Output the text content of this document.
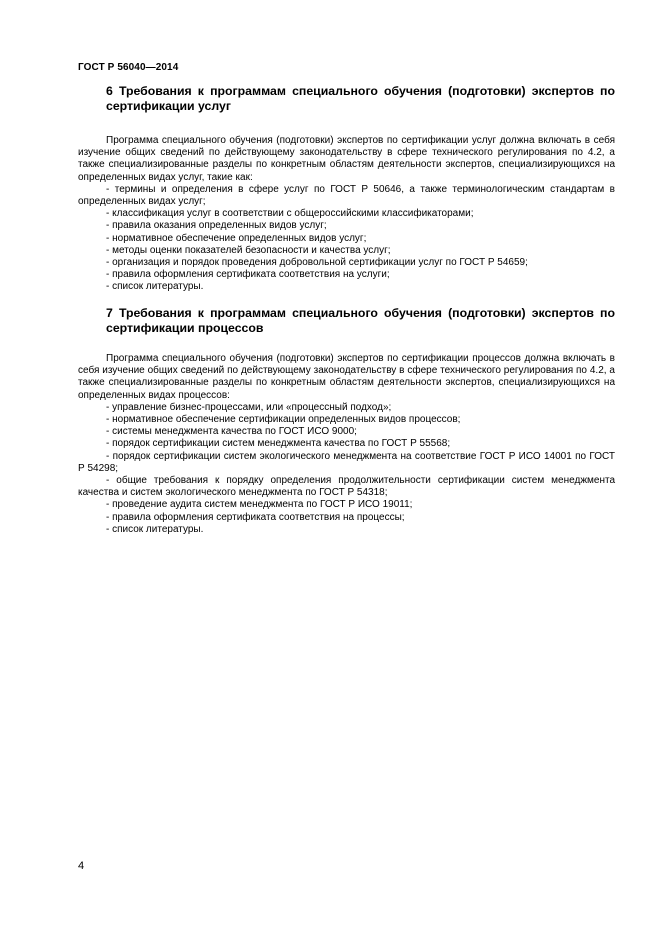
ГОСТ Р 56040—2014
6 Требования к программам специального обучения (подготовки) экспертов по сертификации услуг

Программа специального обучения (подготовки) экспертов по сертификации услуг должна включать в себя изучение общих сведений по действующему законодательству в сфере технического регулирования по 4.2, а также специализированные разделы по конкретным областям деятельности экспертов, специализирующихся на определенных видах услуг, такие как:

- термины и определения в сфере услуг по ГОСТ Р 50646, а также терминологическим стандартам в определенных видах услуг;
- классификация услуг в соответствии с общероссийскими классификаторами;
- правила оказания определенных видов услуг;
- нормативное обеспечение определенных видов услуг;
- методы оценки показателей безопасности и качества услуг;
- организация и порядок проведения добровольной сертификации услуг по ГОСТ Р 54659;
- правила оформления сертификата соответствия на услуги;
- список литературы.
7 Требования к программам специального обучения (подготовки) экспертов по сертификации процессов

Программа специального обучения (подготовки) экспертов по сертификации процессов должна включать в себя изучение общих сведений по действующему законодательству в сфере технического регулирования по 4.2, а также специализированные разделы по конкретным областям деятельности экспертов, специализирующихся на определенных видах процессов:

- управление бизнес-процессами, или «процессный подход»;
- нормативное обеспечение сертификации определенных видов процессов;
- системы менеджмента качества по ГОСТ ИСО 9000;
- порядок сертификации систем менеджмента качества по ГОСТ Р 55568;
- порядок сертификации систем экологического менеджмента на соответствие ГОСТ Р ИСО 14001 по ГОСТ Р 54298;
- общие требования к порядку определения продолжительности сертификации систем менеджмента качества и систем экологического менеджмента по ГОСТ Р 54318;
- проведение аудита систем менеджмента по ГОСТ Р ИСО 19011;
- правила оформления сертификата соответствия на процессы;
- список литературы.
4
